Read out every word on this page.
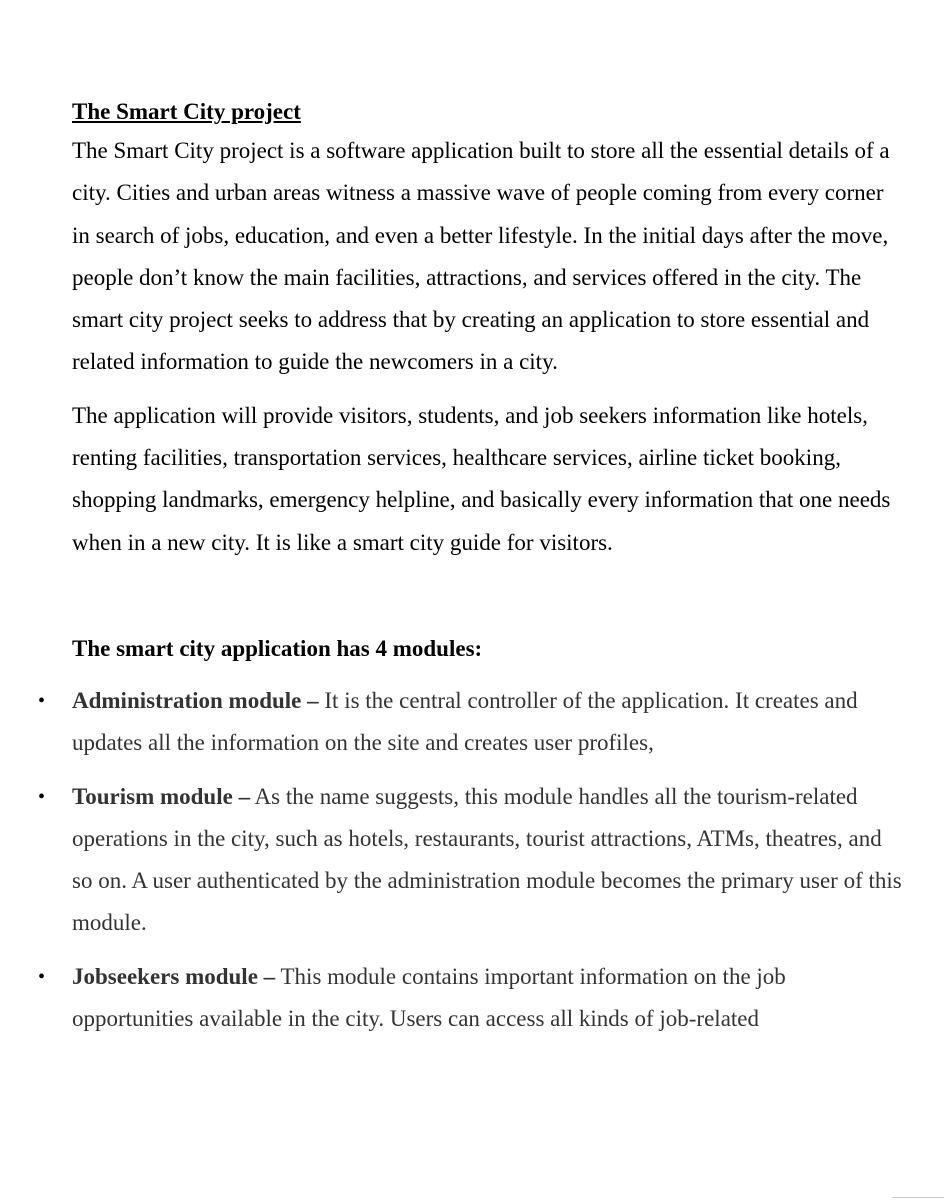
The Smart City project

The Smart City project is a software application built to store all the essential details of a city. Cities and urban areas witness a massive wave of people coming from every corner in search of jobs, education, and even a better lifestyle. In the initial days after the move, people don’t know the main facilities, attractions, and services offered in the city. The smart city project seeks to address that by creating an application to store essential and related information to guide the newcomers in a city.

The application will provide visitors, students, and job seekers information like hotels, renting facilities, transportation services, healthcare services, airline ticket booking, shopping landmarks, emergency helpline, and basically every information that one needs when in a new city. It is like a smart city guide for visitors.

The smart city application has 4 modules:
• Administration module – It is the central controller of the application. It creates and updates all the information on the site and creates user profiles,
• Tourism module – As the name suggests, this module handles all the tourism-related operations in the city, such as hotels, restaurants, tourist attractions, ATMs, theatres, and so on. A user authenticated by the administration module becomes the primary user of this module.
• Jobseekers module – This module contains important information on the job opportunities available in the city. Users can access all kinds of job-related
